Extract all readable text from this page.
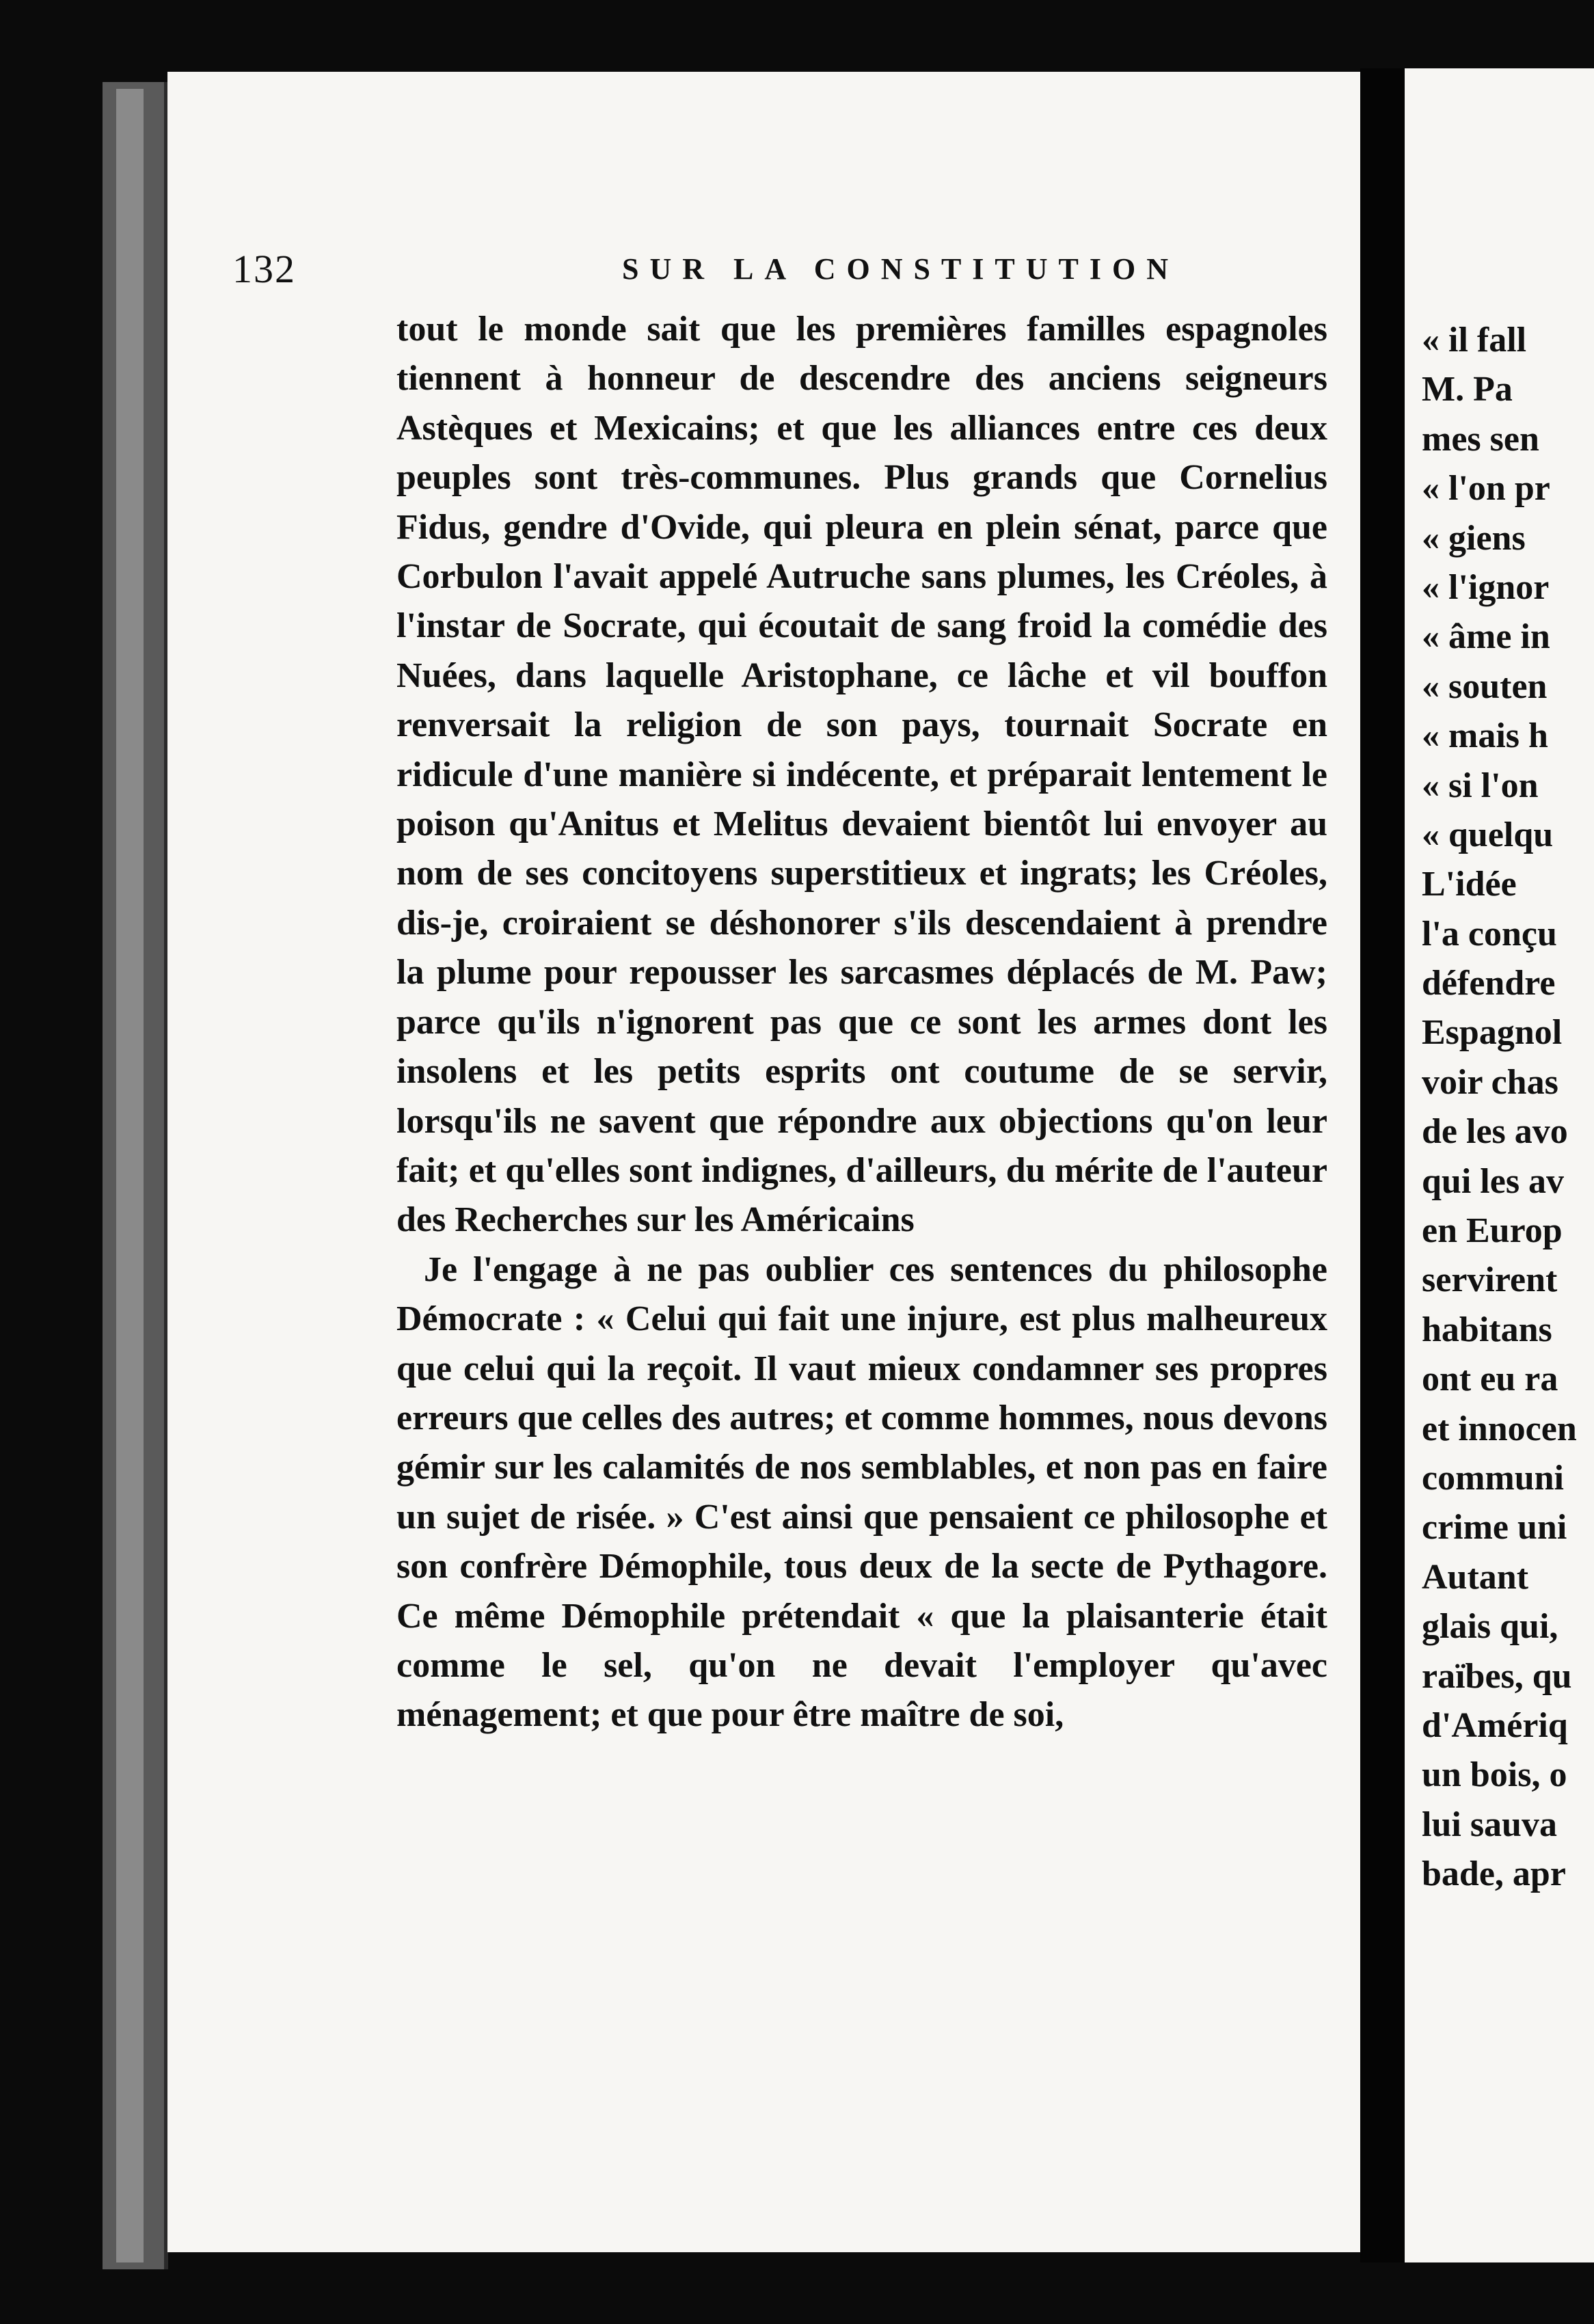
132	SUR LA CONSTITUTION

tout le monde sait que les premières familles espagnoles tiennent à honneur de descendre des anciens seigneurs Astèques et Mexicains; et que les alliances entre ces deux peuples sont très-communes. Plus grands que Cornelius Fidus, gendre d'Ovide, qui pleura en plein sénat, parce que Corbulon l'avait appelé Autruche sans plumes, les Créoles, à l'instar de Socrate, qui écoutait de sang froid la comédie des Nuées, dans laquelle Aristophane, ce lâche et vil bouffon renversait la religion de son pays, tournait Socrate en ridicule d'une manière si indécente, et préparait lentement le poison qu'Anitus et Melitus devaient bientôt lui envoyer au nom de ses concitoyens superstitieux et ingrats; les Créoles, dis-je, croiraient se déshonorer s'ils descendaient à prendre la plume pour repousser les sarcasmes déplacés de M. Paw; parce qu'ils n'ignorent pas que ce sont les armes dont les insolens et les petits esprits ont coutume de se servir, lorsqu'ils ne savent que répondre aux objections qu'on leur fait; et qu'elles sont indignes, d'ailleurs, du mérite de l'auteur des Recherches sur les Américains

Je l'engage à ne pas oublier ces sentences du philosophe Démocrate : « Celui qui fait une injure, est plus malheureux que celui qui la reçoit. Il vaut mieux condamner ses propres erreurs que celles des autres; et comme hommes, nous devons gémir sur les calamités de nos semblables, et non pas en faire un sujet de risée. » C'est ainsi que pensaient ce philosophe et son confrère Démophile, tous deux de la secte de Pythagore. Ce même Démophile prétendait « que la plaisanterie était comme le sel, qu'on ne devait l'employer qu'avec ménagement; et que pour être maître de soi,

« il fall
M. Pa
mes sen
« l'on pr
« giens
« l'ignor
« âme in
« souten
« mais h
« si l'on
« quelqu
L'idée
l'a conçu
défendre
Espagnol
voir chas
de les avo
qui les av
en Europ
servirent
habitans
ont eu ra
et innocen
communi
crime uni
Autant
glais qui,
raïbes, qu
d'Amériq
un bois, o
lui sauva
bade, apr
